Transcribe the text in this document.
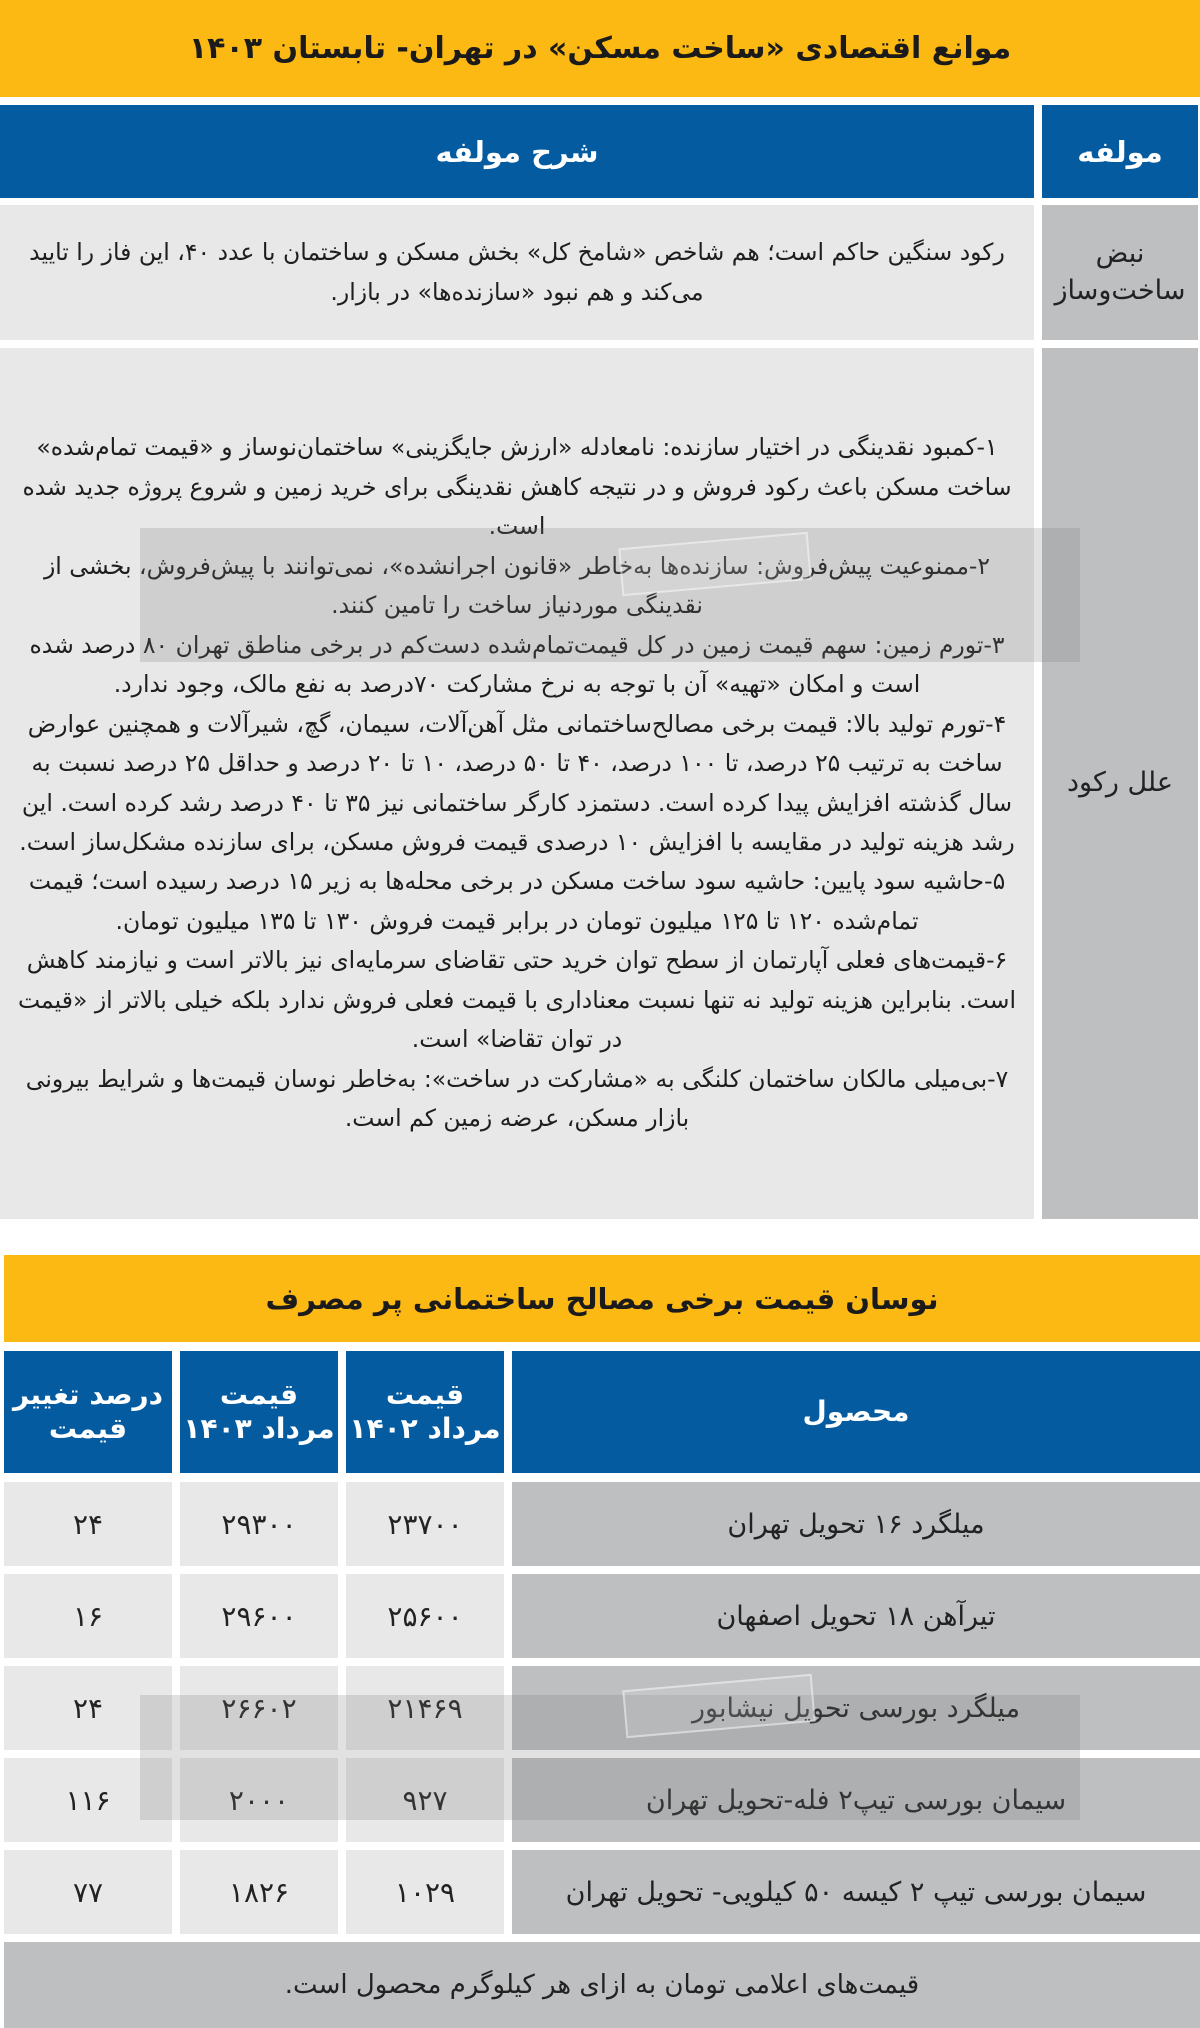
موانع اقتصادی «ساخت مسکن» در تهران- تابستان ۱۴۰۳
مولفه
شرح مولفه
نبض ساخت‌وساز
رکود سنگین حاکم است؛ هم شاخص «شامخ کل» بخش مسکن و ساختمان با عدد ۴۰، این فاز را تایید می‌کند و هم نبود «سازنده‌ها» در بازار.
علل رکود
۱-کمبود نقدینگی در اختیار سازنده: نامعادله «ارزش جایگزینی» ساختمان‌نوساز و «قیمت تمام‌شده» ساخت مسکن باعث رکود فروش و در نتیجه کاهش نقدینگی برای خرید زمین و شروع پروژه جدید شده است.
۲-ممنوعیت پیش‌فروش: سازنده‌ها به‌خاطر «قانون اجرانشده»، نمی‌توانند با پیش‌فروش، بخشی از نقدینگی موردنیاز ساخت را تامین کنند.
۳-تورم زمین: سهم قیمت زمین در کل قیمت‌تمام‌شده دست‌کم در برخی مناطق تهران ۸۰ درصد شده است و امکان «تهیه» آن با توجه به نرخ مشارکت ۷۰درصد به نفع مالک، وجود ندارد.
۴-تورم تولید بالا: قیمت برخی مصالح‌ساختمانی مثل آهن‌آلات، سیمان، گچ، شیرآلات و همچنین عوارض ساخت به ترتیب ۲۵ درصد، تا ۱۰۰ درصد، ۴۰ تا ۵۰ درصد، ۱۰ تا ۲۰ درصد و حداقل ۲۵ درصد نسبت به سال گذشته افزایش پیدا کرده است. دستمزد کارگر ساختمانی نیز ۳۵ تا ۴۰ درصد رشد کرده است. این رشد هزینه تولید در مقایسه با افزایش ۱۰ درصدی قیمت فروش مسکن، برای سازنده مشکل‌ساز است.
۵-حاشیه سود پایین: حاشیه سود ساخت مسکن در برخی محله‌ها به زیر ۱۵ درصد رسیده است؛ قیمت تمام‌شده ۱۲۰ تا ۱۲۵ میلیون تومان در برابر قیمت فروش ۱۳۰ تا ۱۳۵ میلیون تومان.
۶-قیمت‌های فعلی آپارتمان از سطح توان خرید حتی تقاضای سرمایه‌ای نیز بالاتر است و نیازمند کاهش است. بنابراین هزینه تولید نه تنها نسبت معناداری با قیمت فعلی فروش ندارد بلکه خیلی بالاتر از «قیمت در توان تقاضا» است.
۷-بی‌میلی مالکان ساختمان کلنگی به «مشارکت در ساخت»: به‌خاطر نوسان قیمت‌ها و شرایط بیرونی بازار مسکن، عرضه زمین کم است.
نوسان قیمت برخی مصالح ساختمانی پر مصرف
محصول
قیمت
مرداد ۱۴۰۲
قیمت
مرداد ۱۴۰۳
درصد تغییر
قیمت
میلگرد ۱۶ تحویل تهران
۲۳۷۰۰
۲۹۳۰۰
۲۴
تیرآهن ۱۸ تحویل اصفهان
۲۵۶۰۰
۲۹۶۰۰
۱۶
میلگرد بورسی تحویل نیشابور
۲۱۴۶۹
۲۶۶۰۲
۲۴
سیمان بورسی تیپ۲ فله-تحویل تهران
۹۲۷
۲۰۰۰
۱۱۶
سیمان بورسی تیپ ۲ کیسه ۵۰ کیلویی- تحویل تهران
۱۰۲۹
۱۸۲۶
۷۷
قیمت‌های اعلامی تومان به ازای هر کیلوگرم محصول است.
